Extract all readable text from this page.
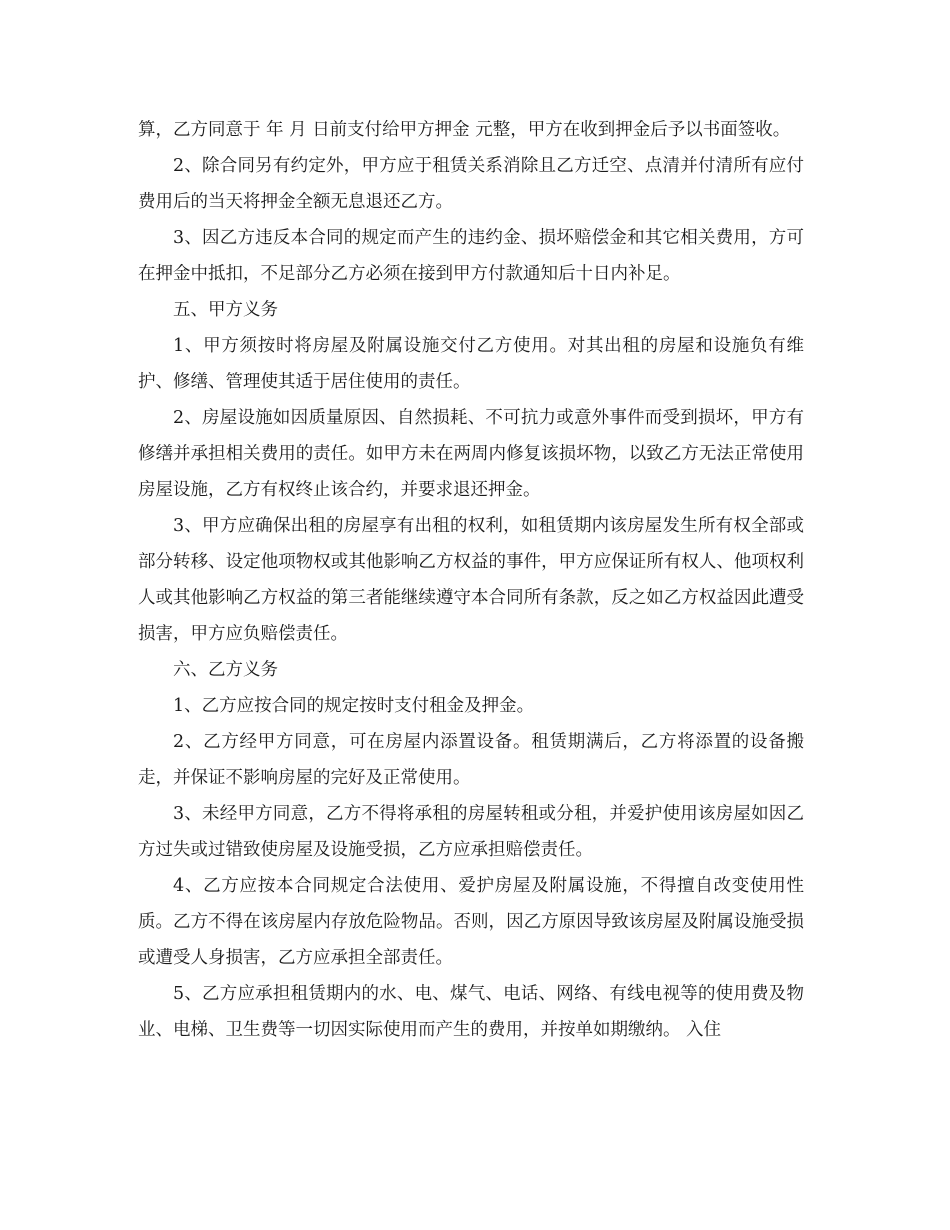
算，乙方同意于 年 月 日前支付给甲方押金 元整，甲方在收到押金后予以书面签收。

2、除合同另有约定外，甲方应于租赁关系消除且乙方迁空、点清并付清所有应付费用后的当天将押金全额无息退还乙方。

3、因乙方违反本合同的规定而产生的违约金、损坏赔偿金和其它相关费用，方可在押金中抵扣，不足部分乙方必须在接到甲方付款通知后十日内补足。

五、甲方义务

1、甲方须按时将房屋及附属设施交付乙方使用。对其出租的房屋和设施负有维护、修缮、管理使其适于居住使用的责任。

2、房屋设施如因质量原因、自然损耗、不可抗力或意外事件而受到损坏，甲方有修缮并承担相关费用的责任。如甲方未在两周内修复该损坏物，以致乙方无法正常使用房屋设施，乙方有权终止该合约，并要求退还押金。

3、甲方应确保出租的房屋享有出租的权利，如租赁期内该房屋发生所有权全部或部分转移、设定他项物权或其他影响乙方权益的事件，甲方应保证所有权人、他项权利人或其他影响乙方权益的第三者能继续遵守本合同所有条款，反之如乙方权益因此遭受损害，甲方应负赔偿责任。

六、乙方义务

1、乙方应按合同的规定按时支付租金及押金。

2、乙方经甲方同意，可在房屋内添置设备。租赁期满后，乙方将添置的设备搬走，并保证不影响房屋的完好及正常使用。

3、未经甲方同意，乙方不得将承租的房屋转租或分租，并爱护使用该房屋如因乙方过失或过错致使房屋及设施受损，乙方应承担赔偿责任。

4、乙方应按本合同规定合法使用、爱护房屋及附属设施，不得擅自改变使用性质。乙方不得在该房屋内存放危险物品。否则，因乙方原因导致该房屋及附属设施受损或遭受人身损害，乙方应承担全部责任。

5、乙方应承担租赁期内的水、电、煤气、电话、网络、有线电视等的使用费及物业、电梯、卫生费等一切因实际使用而产生的费用，并按单如期缴纳。 入住
